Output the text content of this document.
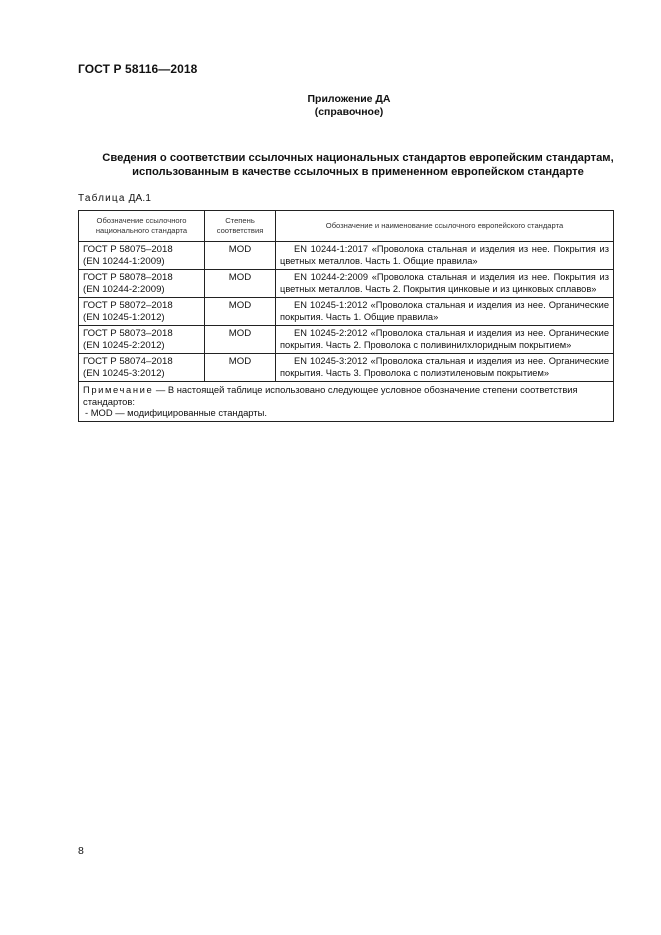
ГОСТ Р 58116—2018
Приложение ДА
(справочное)
Сведения о соответствии ссылочных национальных стандартов европейским стандартам,
использованным в качестве ссылочных в примененном европейском стандарте
Таблица ДА.1
Обозначение ссылочного национального стандарта	Степень соответствия	Обозначение и наименование ссылочного европейского стандарта

ГОСТ Р 58075–2018
(EN 10244-1:2009)	MOD	EN 10244-1:2017 «Проволока стальная и изделия из нее. Покрытия из цветных металлов. Часть 1. Общие правила»

ГОСТ Р 58078–2018
(EN 10244-2:2009)	MOD	EN 10244-2:2009 «Проволока стальная и изделия из нее. Покрытия из цветных металлов. Часть 2. Покрытия цинковые и из цинковых сплавов»

ГОСТ Р 58072–2018
(EN 10245-1:2012)	MOD	EN 10245-1:2012 «Проволока стальная и изделия из нее. Органические покрытия. Часть 1. Общие правила»

ГОСТ Р 58073–2018
(EN 10245-2:2012)	MOD	EN 10245-2:2012 «Проволока стальная и изделия из нее. Органические покрытия. Часть 2. Проволока с поливинилхлоридным покрытием»

ГОСТ Р 58074–2018
(EN 10245-3:2012)	MOD	EN 10245-3:2012 «Проволока стальная и изделия из нее. Органические покрытия. Часть 3. Проволока с полиэтиленовым покрытием»

Примечание — В настоящей таблице использовано следующее условное обозначение степени соответствия стандартов:
- MOD — модифицированные стандарты.		
8
